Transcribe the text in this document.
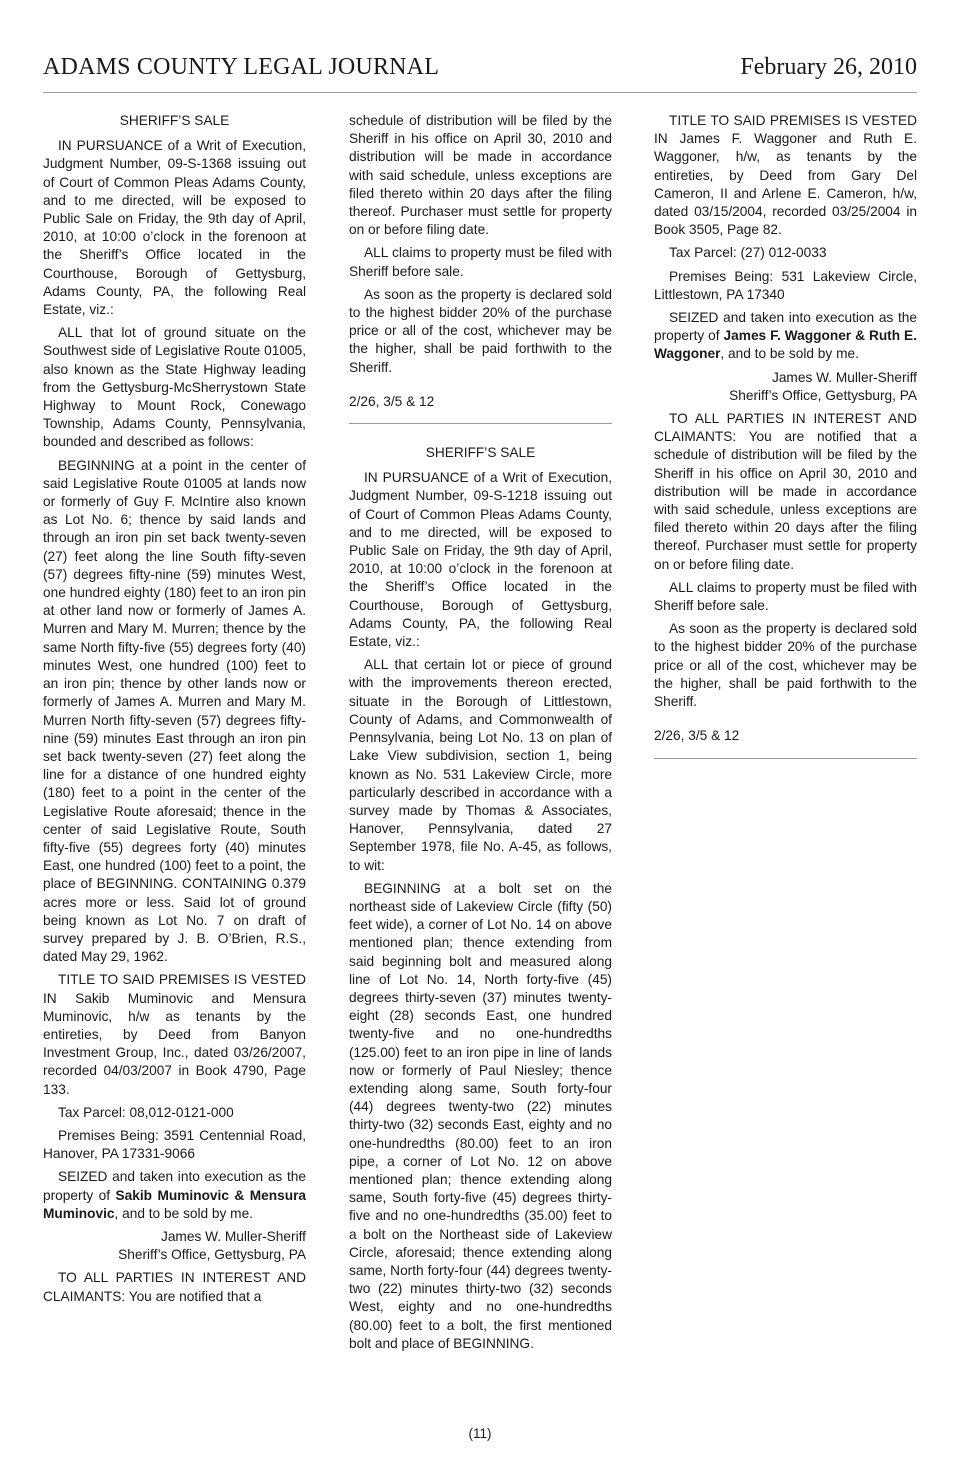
ADAMS COUNTY LEGAL JOURNAL	February 26, 2010

SHERIFF’S SALE

IN PURSUANCE of a Writ of Execution, Judgment Number, 09-S-1368 issuing out of Court of Common Pleas Adams County, and to me directed, will be exposed to Public Sale on Friday, the 9th day of April, 2010, at 10:00 o’clock in the forenoon at the Sheriff’s Office located in the Courthouse, Borough of Gettysburg, Adams County, PA, the following Real Estate, viz.:

ALL that lot of ground situate on the Southwest side of Legislative Route 01005, also known as the State Highway leading from the Gettysburg-McSherrystown State Highway to Mount Rock, Conewago Township, Adams County, Pennsylvania, bounded and described as follows:

BEGINNING at a point in the center of said Legislative Route 01005 at lands now or formerly of Guy F. McIntire also known as Lot No. 6; thence by said lands and through an iron pin set back twenty-seven (27) feet along the line South fifty-seven (57) degrees fifty-nine (59) minutes West, one hundred eighty (180) feet to an iron pin at other land now or formerly of James A. Murren and Mary M. Murren; thence by the same North fifty-five (55) degrees forty (40) minutes West, one hundred (100) feet to an iron pin; thence by other lands now or formerly of James A. Murren and Mary M. Murren North fifty-seven (57) degrees fifty-nine (59) minutes East through an iron pin set back twenty-seven (27) feet along the line for a distance of one hundred eighty (180) feet to a point in the center of the Legislative Route aforesaid; thence in the center of said Legislative Route, South fifty-five (55) degrees forty (40) minutes East, one hundred (100) feet to a point, the place of BEGINNING. CONTAINING 0.379 acres more or less. Said lot of ground being known as Lot No. 7 on draft of survey prepared by J. B. O’Brien, R.S., dated May 29, 1962.

TITLE TO SAID PREMISES IS VESTED IN Sakib Muminovic and Mensura Muminovic, h/w as tenants by the entireties, by Deed from Banyon Investment Group, Inc., dated 03/26/2007, recorded 04/03/2007 in Book 4790, Page 133.

Tax Parcel: 08,012-0121-000

Premises Being: 3591 Centennial Road, Hanover, PA 17331-9066

SEIZED and taken into execution as the property of Sakib Muminovic & Mensura Muminovic, and to be sold by me.

James W. Muller-Sheriff

Sheriff’s Office, Gettysburg, PA

TO ALL PARTIES IN INTEREST AND CLAIMANTS: You are notified that a

schedule of distribution will be filed by the Sheriff in his office on April 30, 2010 and distribution will be made in accordance with said schedule, unless exceptions are filed thereto within 20 days after the filing thereof. Purchaser must settle for property on or before filing date.

ALL claims to property must be filed with Sheriff before sale.

As soon as the property is declared sold to the highest bidder 20% of the purchase price or all of the cost, whichever may be the higher, shall be paid forthwith to the Sheriff.

2/26, 3/5 & 12

SHERIFF’S SALE

IN PURSUANCE of a Writ of Execution, Judgment Number, 09-S-1218 issuing out of Court of Common Pleas Adams County, and to me directed, will be exposed to Public Sale on Friday, the 9th day of April, 2010, at 10:00 o’clock in the forenoon at the Sheriff’s Office located in the Courthouse, Borough of Gettysburg, Adams County, PA, the following Real Estate, viz.:

ALL that certain lot or piece of ground with the improvements thereon erected, situate in the Borough of Littlestown, County of Adams, and Commonwealth of Pennsylvania, being Lot No. 13 on plan of Lake View subdivision, section 1, being known as No. 531 Lakeview Circle, more particularly described in accordance with a survey made by Thomas & Associates, Hanover, Pennsylvania, dated 27 September 1978, file No. A-45, as follows, to wit:

BEGINNING at a bolt set on the northeast side of Lakeview Circle (fifty (50) feet wide), a corner of Lot No. 14 on above mentioned plan; thence extending from said beginning bolt and measured along line of Lot No. 14, North forty-five (45) degrees thirty-seven (37) minutes twenty-eight (28) seconds East, one hundred twenty-five and no one-hundredths (125.00) feet to an iron pipe in line of lands now or formerly of Paul Niesley; thence extending along same, South forty-four (44) degrees twenty-two (22) minutes thirty-two (32) seconds East, eighty and no one-hundredths (80.00) feet to an iron pipe, a corner of Lot No. 12 on above mentioned plan; thence extending along same, South forty-five (45) degrees thirty-five and no one-hundredths (35.00) feet to a bolt on the Northeast side of Lakeview Circle, aforesaid; thence extending along same, North forty-four (44) degrees twenty-two (22) minutes thirty-two (32) seconds West, eighty and no one-hundredths (80.00) feet to a bolt, the first mentioned bolt and place of BEGINNING.

TITLE TO SAID PREMISES IS VESTED IN James F. Waggoner and Ruth E. Waggoner, h/w, as tenants by the entireties, by Deed from Gary Del Cameron, II and Arlene E. Cameron, h/w, dated 03/15/2004, recorded 03/25/2004 in Book 3505, Page 82.

Tax Parcel: (27) 012-0033

Premises Being: 531 Lakeview Circle, Littlestown, PA 17340

SEIZED and taken into execution as the property of James F. Waggoner & Ruth E. Waggoner, and to be sold by me.

James W. Muller-Sheriff

Sheriff’s Office, Gettysburg, PA

TO ALL PARTIES IN INTEREST AND CLAIMANTS: You are notified that a schedule of distribution will be filed by the Sheriff in his office on April 30, 2010 and distribution will be made in accordance with said schedule, unless exceptions are filed thereto within 20 days after the filing thereof. Purchaser must settle for property on or before filing date.

ALL claims to property must be filed with Sheriff before sale.

As soon as the property is declared sold to the highest bidder 20% of the purchase price or all of the cost, whichever may be the higher, shall be paid forthwith to the Sheriff.

2/26, 3/5 & 12

(11)
